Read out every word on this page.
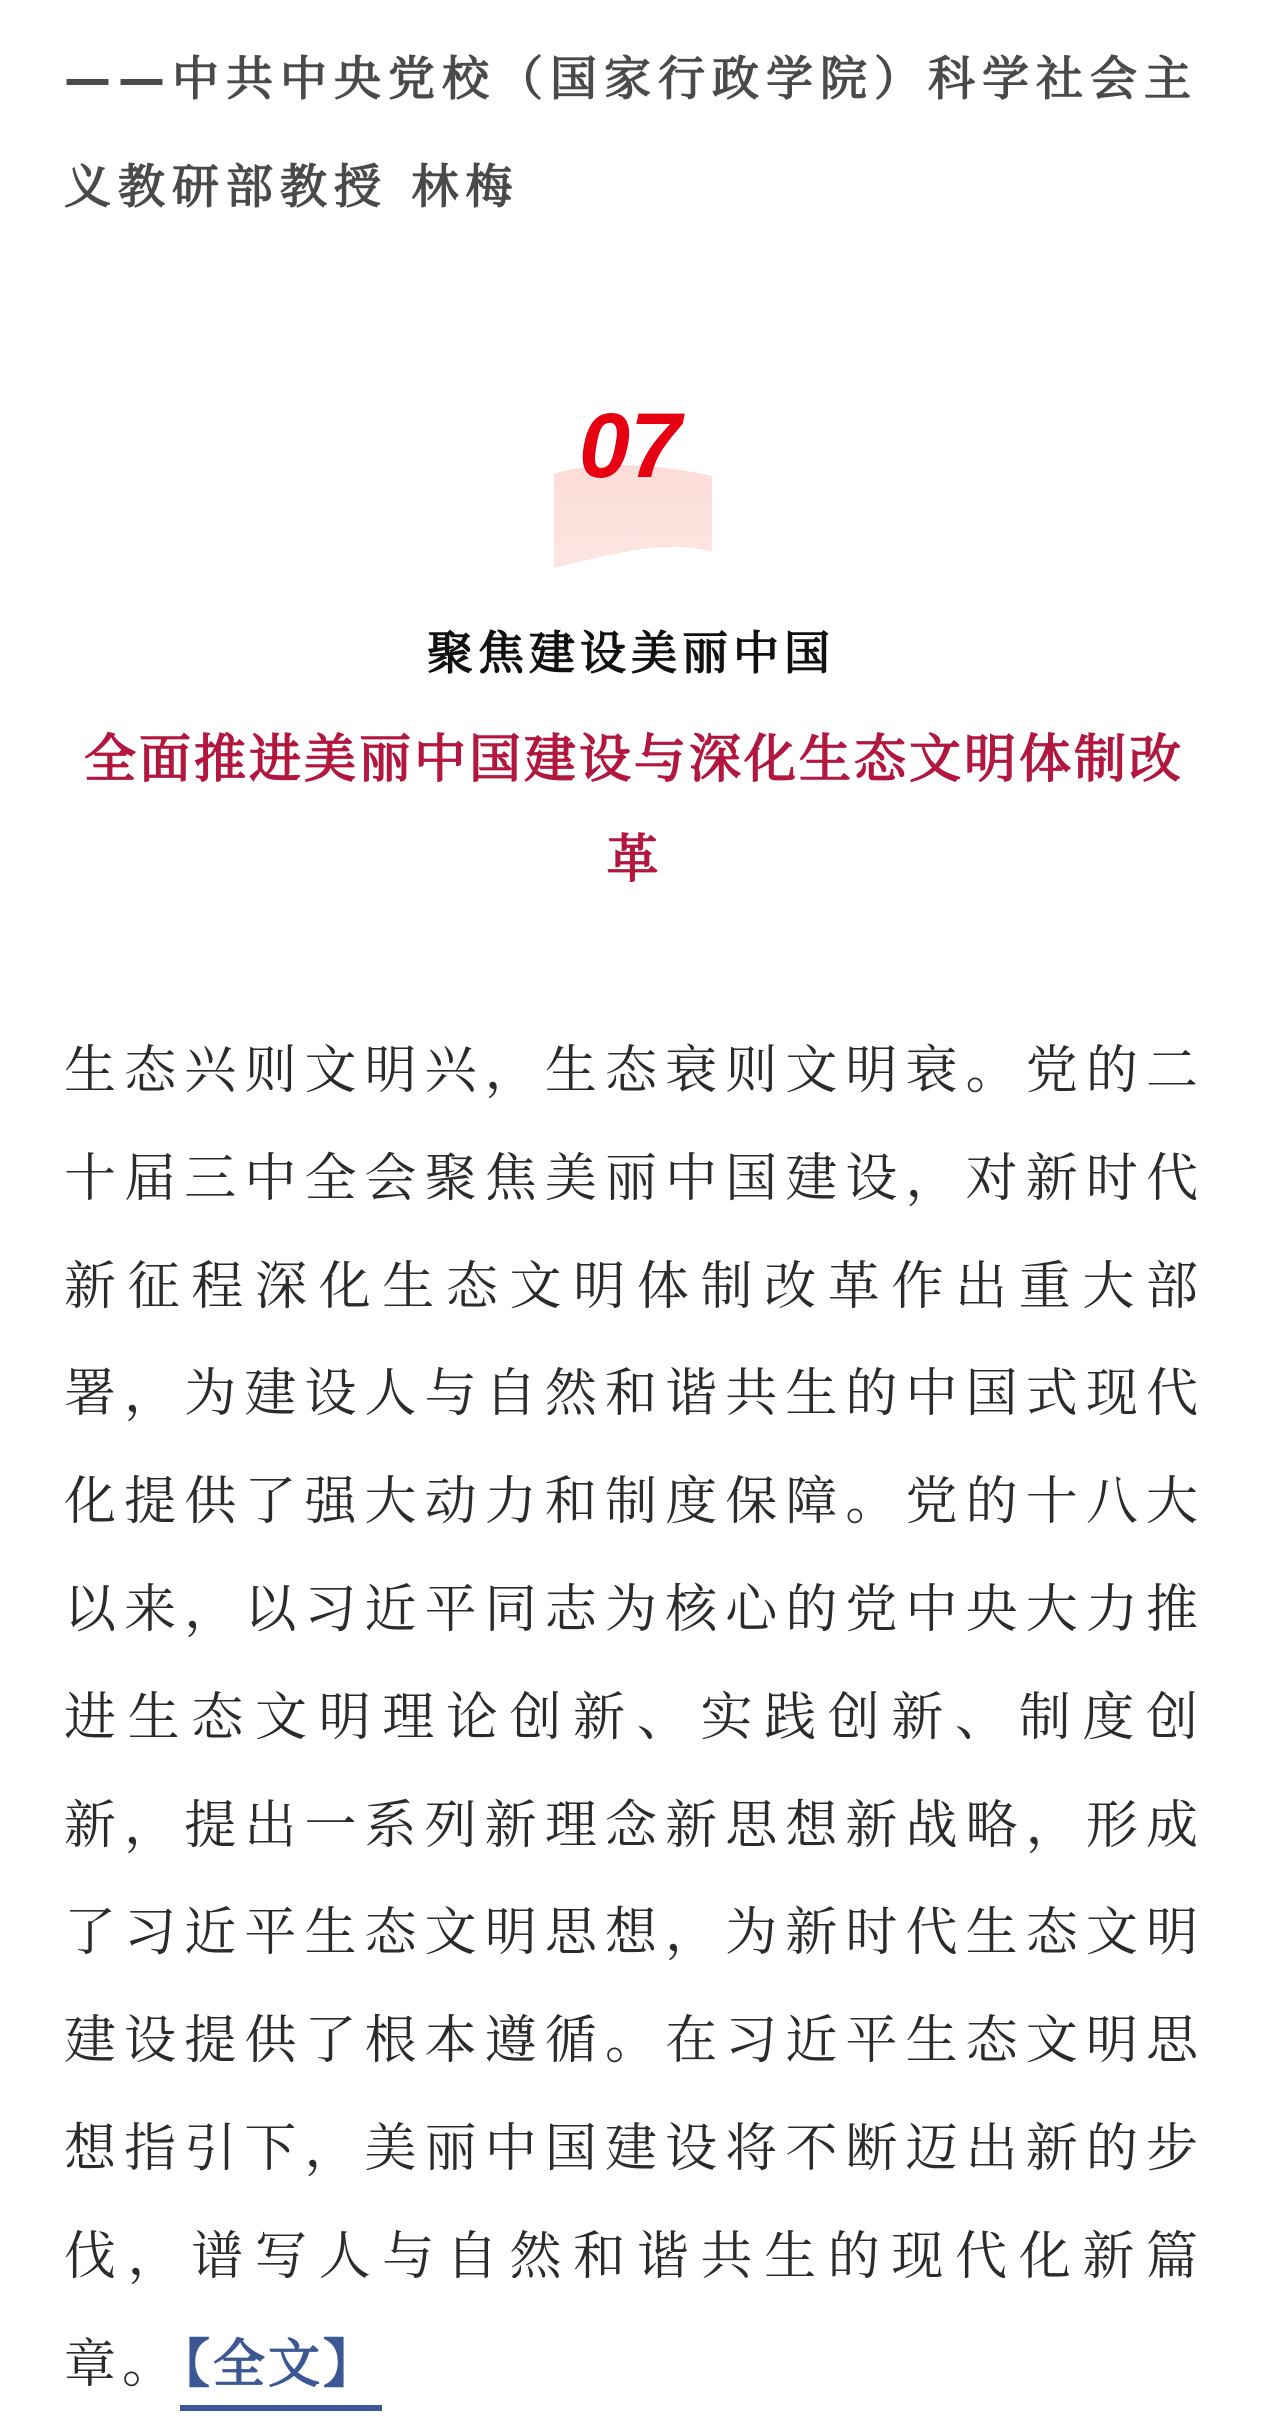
——中共中央党校（国家行政学院）科学社会主义教研部教授 林梅
07
聚焦建设美丽中国
全面推进美丽中国建设与深化生态文明体制改革
生态兴则文明兴，生态衰则文明衰。党的二十届三中全会聚焦美丽中国建设，对新时代新征程深化生态文明体制改革作出重大部署，为建设人与自然和谐共生的中国式现代化提供了强大动力和制度保障。党的十八大以来，以习近平同志为核心的党中央大力推进生态文明理论创新、实践创新、制度创新，提出一系列新理念新思想新战略，形成了习近平生态文明思想，为新时代生态文明建设提供了根本遵循。在习近平生态文明思想指引下，美丽中国建设将不断迈出新的步伐，谱写人与自然和谐共生的现代化新篇章。【全文】
